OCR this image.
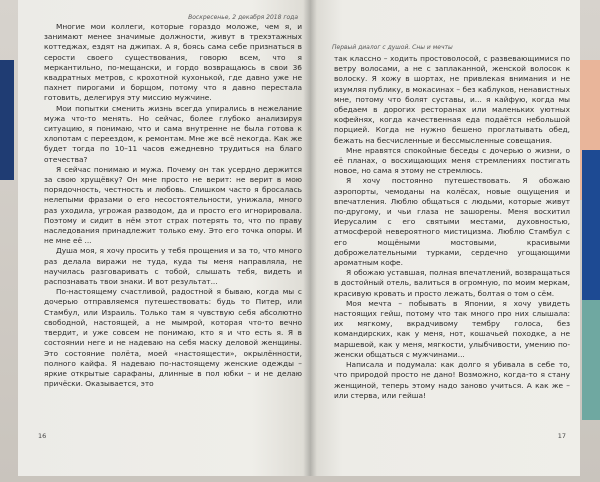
Воскресенье, 2 декабря 2018 года

Многие мои коллеги, которые гораздо моложе, чем я, и занимают менее значимые должности, живут в трехэтажных коттеджах, ездят на джипах. А я, боясь сама себе признаться в серости своего существования, говорю всем, что я меркантильно, по-мещански, и гордо возвращаюсь в свои 36 квадратных метров, с крохотной кухонькой, где давно уже не пахнет пирогами и борщом, потому что я давно перестала готовить, делегируя эту миссию мужчине.

Мои попытки сменить жизнь всегда упирались в нежелание мужа что-то менять. Но сейчас, более глубоко анализируя ситуацию, я понимаю, что и сама внутренне не была готова к хлопотам с переездом, к ремонтам. Мне же всё некогда. Как же будет тогда по 10–11 часов ежедневно трудиться на благо отечества?

Я сейчас понимаю и мужа. Почему он так усердно держится за свою хрущёвку? Он мне просто не верит: не верит в мою порядочность, честность и любовь. Слишком часто я бросалась нелепыми фразами о его несостоятельности, унижала, много раз уходила, угрожая разводом, да и просто его игнорировала. Поэтому и сидит в нём этот страх потерять то, что по праву наследования принадлежит только ему. Это его точка опоры. И не мне её ...

Душа моя, я хочу просить у тебя прощения и за то, что много раз делала виражи не туда, куда ты меня направляла, не научилась разговаривать с тобой, слышать тебя, видеть и распознавать твои знаки. И вот результат...

По-настоящему счастливой, радостной я бываю, когда мы с дочерью отправляемся путешествовать: будь то Питер, или Стамбул, или Израиль. Только там я чувствую себя абсолютно свободной, настоящей, а не мымрой, которая что-то вечно твердит, и уже совсем не понимаю, кто я и что есть я. Я в состоянии неге и не надеваю на себя маску деловой женщины. Это состояние полёта, моей «настоящести», окрылённости, полного кайфа. Я надеваю по-настоящему женские одежды – яркие открытые сарафаны, длинные в пол юбки – и не делаю причёски. Оказывается, это

16
Первый диалог с душой. Сны и мечты

так классно – ходить простоволосой, с развевающимися по ветру волосами, а не с заплаканной, женской волосок к волоску. Я хожу в шортах, не привлекая внимания и не изумляя публику, в мокасинах – без каблуков, ненавистных мне, потому что болят суставы, и... я кайфую, когда мы обедаем в дорогих ресторанах или маленьких уютных кофейнях, когда качественная еда подаётся небольшой порцией. Когда не нужно бешено проглатывать обед, бежать на бесчисленные и бессмысленные совещания.

Мне нравятся спокойные беседы с дочерью о жизни, о её планах, о восхищающих меня стремлениях постигать новое, но сама я этому не стремлюсь.

Я хочу постоянно путешествовать. Я обожаю аэропорты, чемоданы на колёсах, новые ощущения и впечатления. Люблю общаться с людьми, которые живут по-другому, и чьи глаза не зашорены. Меня восхитил Иерусалим с его святыми местами, духовностью, атмосферой невероятного мистицизма. Люблю Стамбул с его мощёными мостовыми, красивыми доброжелательными турками, сердечно угощающими ароматным кофе.

Я обожаю уставшая, полная впечатлений, возвращаться в достойный отель, валиться в огромную, по моим меркам, красивую кровать и просто лежать, болтая о том о сём.

Моя мечта – побывать в Японии, я хочу увидеть настоящих гейш, потому что так много про них слышала: их мягкому, вкрадчивому тембру голоса, без командирских, как у меня, нот, кошачьей походке, а не маршевой, как у меня, мягкости, улыбчивости, умению по-женски общаться с мужчинами...

Написала и подумала: как долго я убивала в себе то, что природой просто не дано! Возможно, когда-то я стану женщиной, теперь этому надо заново учиться. А как же – или стерва, или гейша!

17
